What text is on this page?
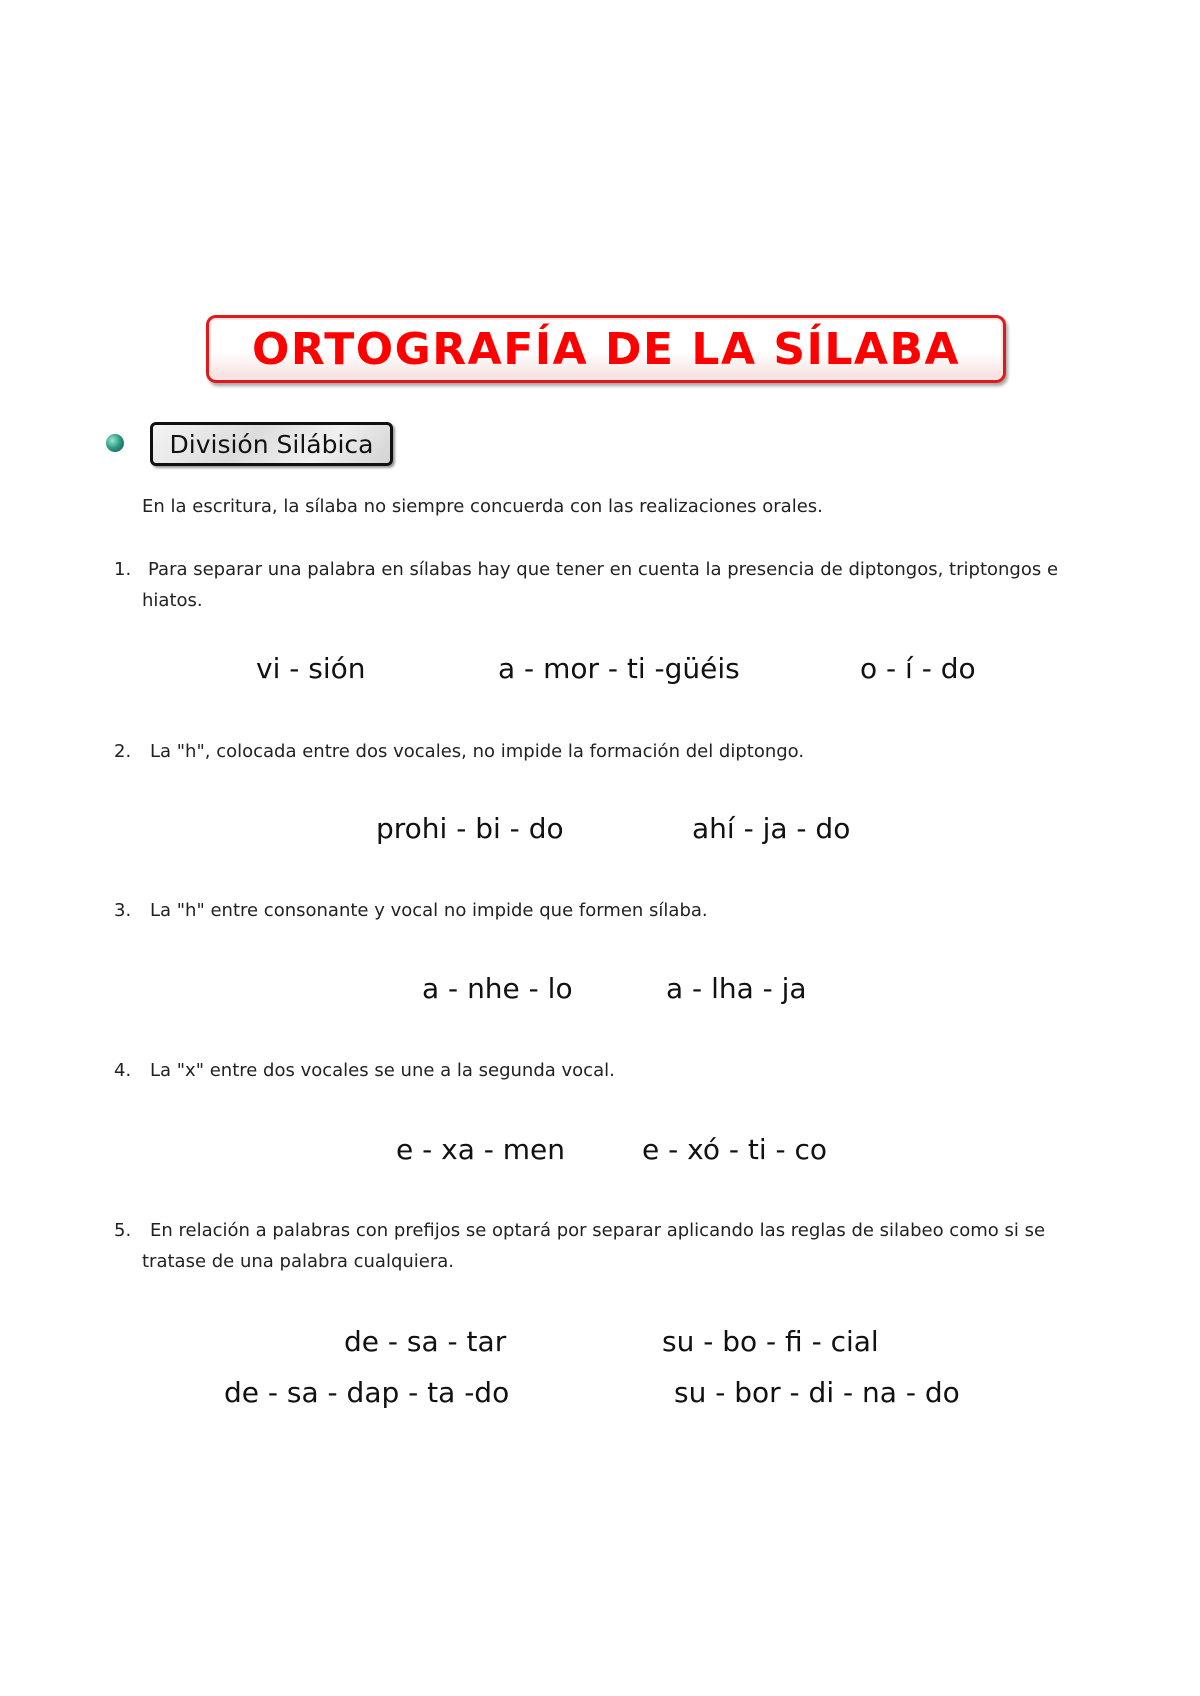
ORTOGRAFÍA DE LA SÍLABA
División Silábica
En la escritura, la sílaba no siempre concuerda con las realizaciones orales.
1. Para separar una palabra en sílabas hay que tener en cuenta la presencia de diptongos, triptongos e hiatos.
vi - sión	a - mor - ti -güéis	o - í - do
2. La "h", colocada entre dos vocales, no impide la formación del diptongo.
prohi - bi - do	ahí - ja - do
3. La "h" entre consonante y vocal no impide que formen sílaba.
a - nhe - lo	a - lha - ja
4. La "x" entre dos vocales se une a la segunda vocal.
e - xa - men	e - xó - ti - co
5.	En relación a palabras con prefijos se optará por separar aplicando las reglas de silabeo como si se tratase de una palabra cualquiera.
de - sa - tar	su - bo - fi - cial
de - sa - dap - ta -do	su - bor - di - na - do
